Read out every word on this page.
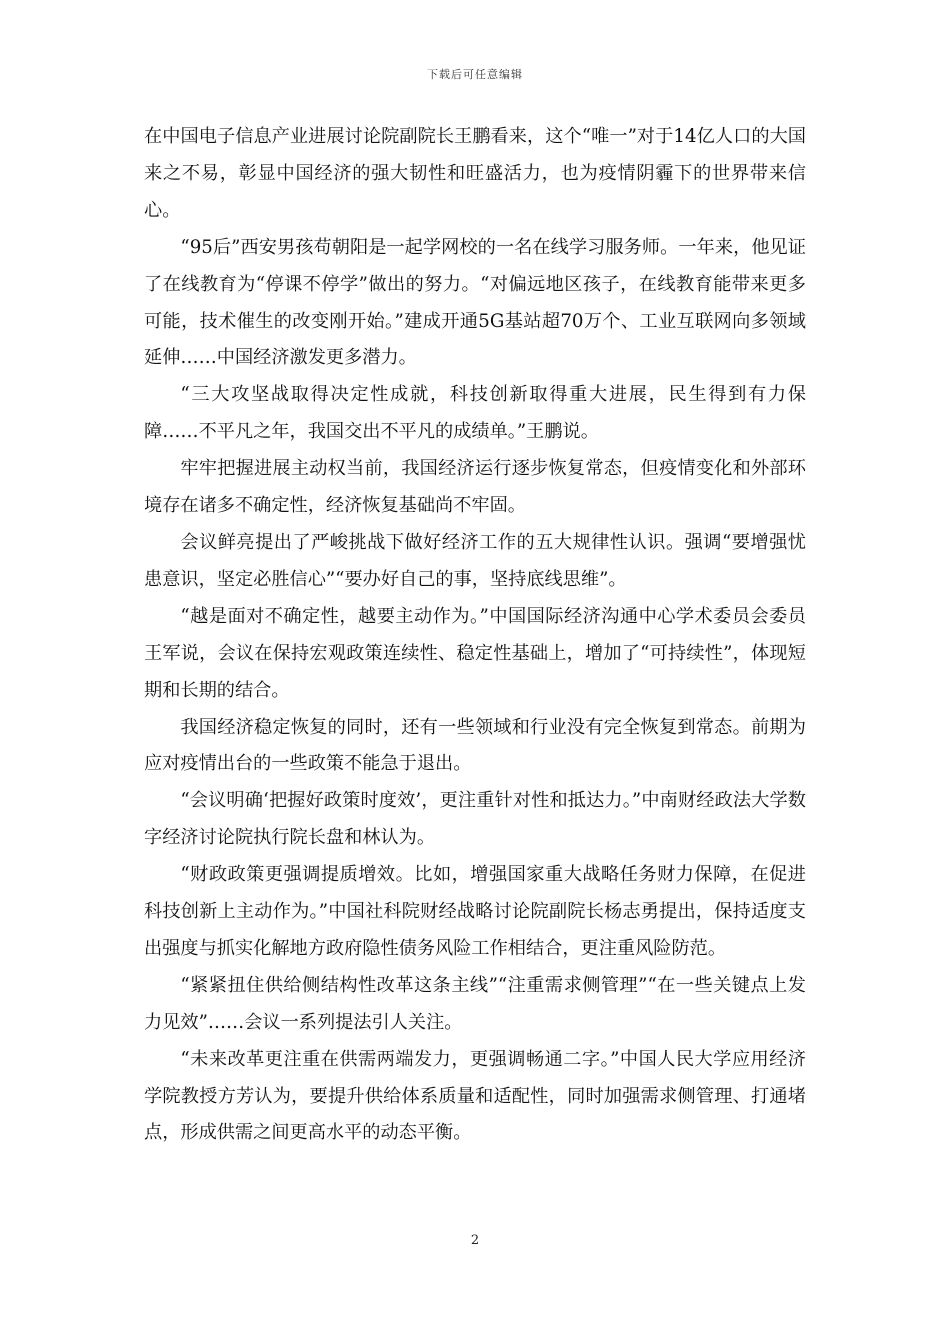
下载后可任意编辑

在中国电子信息产业进展讨论院副院长王鹏看来，这个“唯一”对于14亿人口的大国来之不易，彰显中国经济的强大韧性和旺盛活力，也为疫情阴霾下的世界带来信心。

“95后”西安男孩苟朝阳是一起学网校的一名在线学习服务师。一年来，他见证了在线教育为“停课不停学”做出的努力。“对偏远地区孩子，在线教育能带来更多可能，技术催生的改变刚开始。”建成开通5G基站超70万个、工业互联网向多领域延伸……中国经济激发更多潜力。

“三大攻坚战取得决定性成就，科技创新取得重大进展，民生得到有力保障……不平凡之年，我国交出不平凡的成绩单。”王鹏说。

牢牢把握进展主动权当前，我国经济运行逐步恢复常态，但疫情变化和外部环境存在诸多不确定性，经济恢复基础尚不牢固。

会议鲜亮提出了严峻挑战下做好经济工作的五大规律性认识。强调“要增强忧患意识，坚定必胜信心”“要办好自己的事，坚持底线思维”。

“越是面对不确定性，越要主动作为。”中国国际经济沟通中心学术委员会委员王军说，会议在保持宏观政策连续性、稳定性基础上，增加了“可持续性”，体现短期和长期的结合。

我国经济稳定恢复的同时，还有一些领域和行业没有完全恢复到常态。前期为应对疫情出台的一些政策不能急于退出。

“会议明确‘把握好政策时度效’，更注重针对性和抵达力。”中南财经政法大学数字经济讨论院执行院长盘和林认为。

“财政政策更强调提质增效。比如，增强国家重大战略任务财力保障，在促进科技创新上主动作为。”中国社科院财经战略讨论院副院长杨志勇提出，保持适度支出强度与抓实化解地方政府隐性债务风险工作相结合，更注重风险防范。

“紧紧扭住供给侧结构性改革这条主线”“注重需求侧管理”“在一些关键点上发力见效”……会议一系列提法引人关注。

“未来改革更注重在供需两端发力，更强调畅通二字。”中国人民大学应用经济学院教授方芳认为，要提升供给体系质量和适配性，同时加强需求侧管理、打通堵点，形成供需之间更高水平的动态平衡。

2
